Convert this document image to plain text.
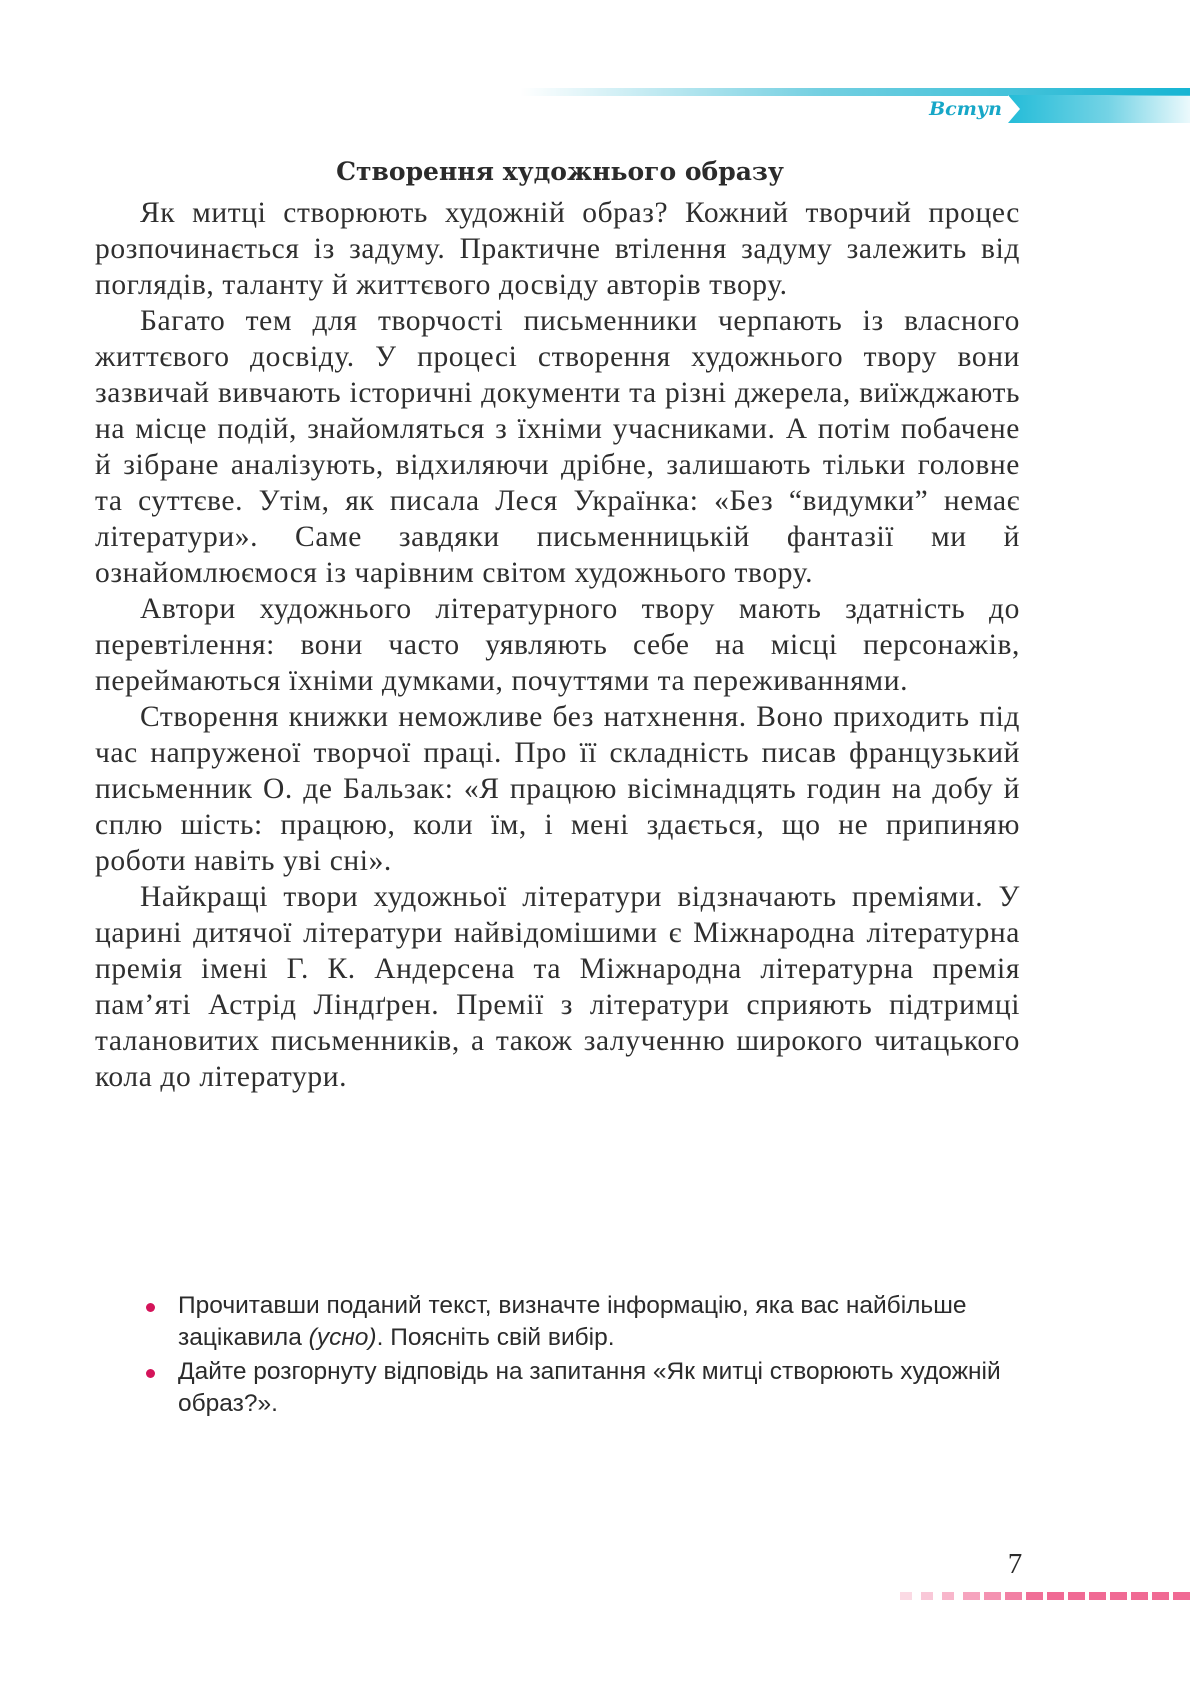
Вступ
Створення художнього образу

Як митці створюють художній образ? Кожний творчий процес розпочинається із задуму. Практичне втілення задуму залежить від поглядів, таланту й життєвого досвіду авторів твору.

Багато тем для творчості письменники черпають із власного життєвого досвіду. У процесі створення художнього твору вони зазвичай вивчають історичні документи та різні джерела, виїжджають на місце подій, знайомляться з їхніми учасниками. А потім побачене й зібране аналізують, відхиляючи дрібне, залишають тільки головне та суттєве. Утім, як писала Леся Українка: «Без “видумки” немає літератури». Саме завдяки письменницькій фантазії ми й ознайомлюємося із чарівним світом художнього твору.

Автори художнього літературного твору мають здатність до перевтілення: вони часто уявляють себе на місці персонажів, переймаються їхніми думками, почуттями та переживаннями.

Створення книжки неможливе без натхнення. Воно приходить під час напруженої творчої праці. Про її складність писав французький письменник О. де Бальзак: «Я працюю вісімнадцять годин на добу й сплю шість: працюю, коли їм, і мені здається, що не припиняю роботи навіть уві сні».

Найкращі твори художньої літератури відзначають преміями. У царині дитячої літератури найвідомішими є Міжнародна літературна премія імені Г. К. Андерсена та Міжнародна літературна премія пам’яті Астрід Ліндґрен. Премії з літератури сприяють підтримці талановитих письменників, а також залученню широкого читацького кола до літератури.

Прочитавши поданий текст, визначте інформацію, яка вас найбільше зацікавила (усно). Поясніть свій вибір.
Дайте розгорнуту відповідь на запитання «Як митці створюють художній образ?».
7
